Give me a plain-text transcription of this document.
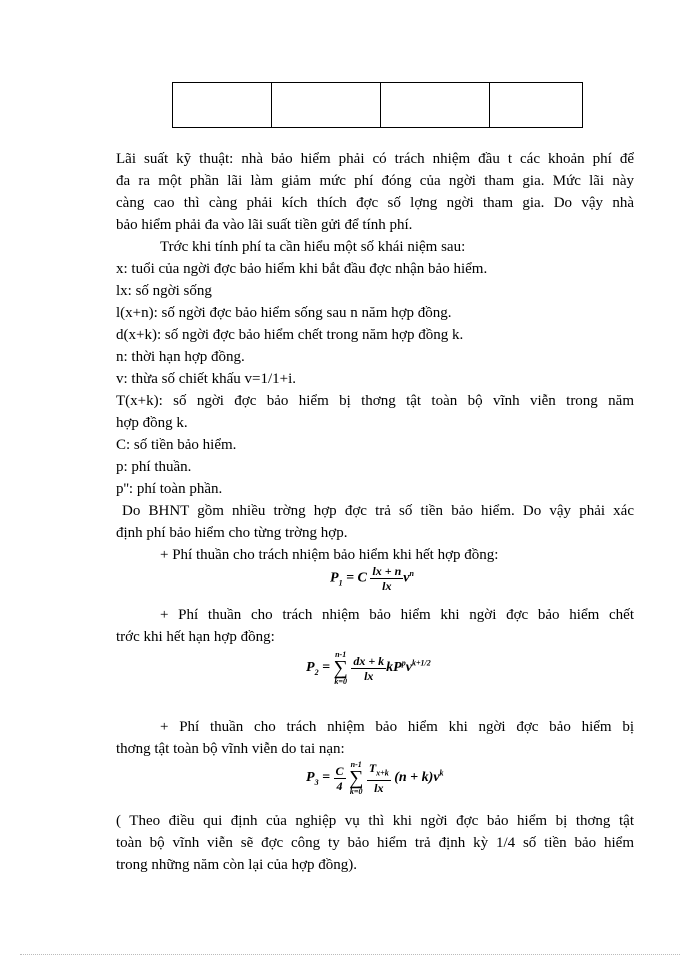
Lãi suất kỹ thuật: nhà bảo hiểm phải có trách nhiệm đầu t các khoản phí để
đa ra một phần lãi làm giảm mức phí đóng của ngời tham gia. Mức lãi này
càng cao thì càng phải kích thích đợc số lợng ngời tham gia. Do vậy nhà
bảo hiểm phải đa vào lãi suất tiền gửi để tính phí.
Trớc khi tính phí ta cần hiểu một số khái niệm sau:
x: tuổi của ngời đợc bảo hiểm khi bắt đầu đợc nhận bảo hiểm.
lx: số ngời sống
l(x+n): số ngời đợc bảo hiểm sống sau n năm hợp đồng.
d(x+k): số ngời đợc bảo hiểm chết trong năm hợp đồng k.
n: thời hạn hợp đồng.
v: thừa số chiết khấu v=1/1+i.
T(x+k): số ngời đợc bảo hiểm bị thơng tật toàn bộ vĩnh viễn trong năm
hợp đồng k.
C: số tiền bảo hiểm.
p: phí thuần.
p'': phí toàn phần.
Do BHNT gồm nhiều trờng hợp đợc trả số tiền bảo hiểm. Do vậy phải xác
định phí bảo hiểm cho từng trờng hợp.
+ Phí thuần cho trách nhiệm bảo hiểm khi hết hợp đồng:
$P_1 = C \frac{lx + n}{lx} v^n$
+ Phí thuần cho trách nhiệm bảo hiểm khi ngời đợc bảo hiểm chết
trớc khi hết hạn hợp đồng:
$P_2$ =
n-1
∑
k=0
$\frac{dx + k}{lx} kP^pv^{k+1/2}$
+ Phí thuần cho trách nhiệm bảo hiểm khi ngời đợc bảo hiểm bị
thơng tật toàn bộ vĩnh viễn do tai nạn:
$P_3 = \frac{C}{4}$
n-1
∑
k=0
$\frac{T_{x+k}}{lx} (n + k)v^k$
( Theo điều qui định của nghiệp vụ thì khi ngời đợc bảo hiểm bị thơng tật
toàn bộ vĩnh viễn sẽ đợc công ty bảo hiểm trả định kỳ 1/4 số tiền bảo hiểm
trong những năm còn lại của hợp đồng).
